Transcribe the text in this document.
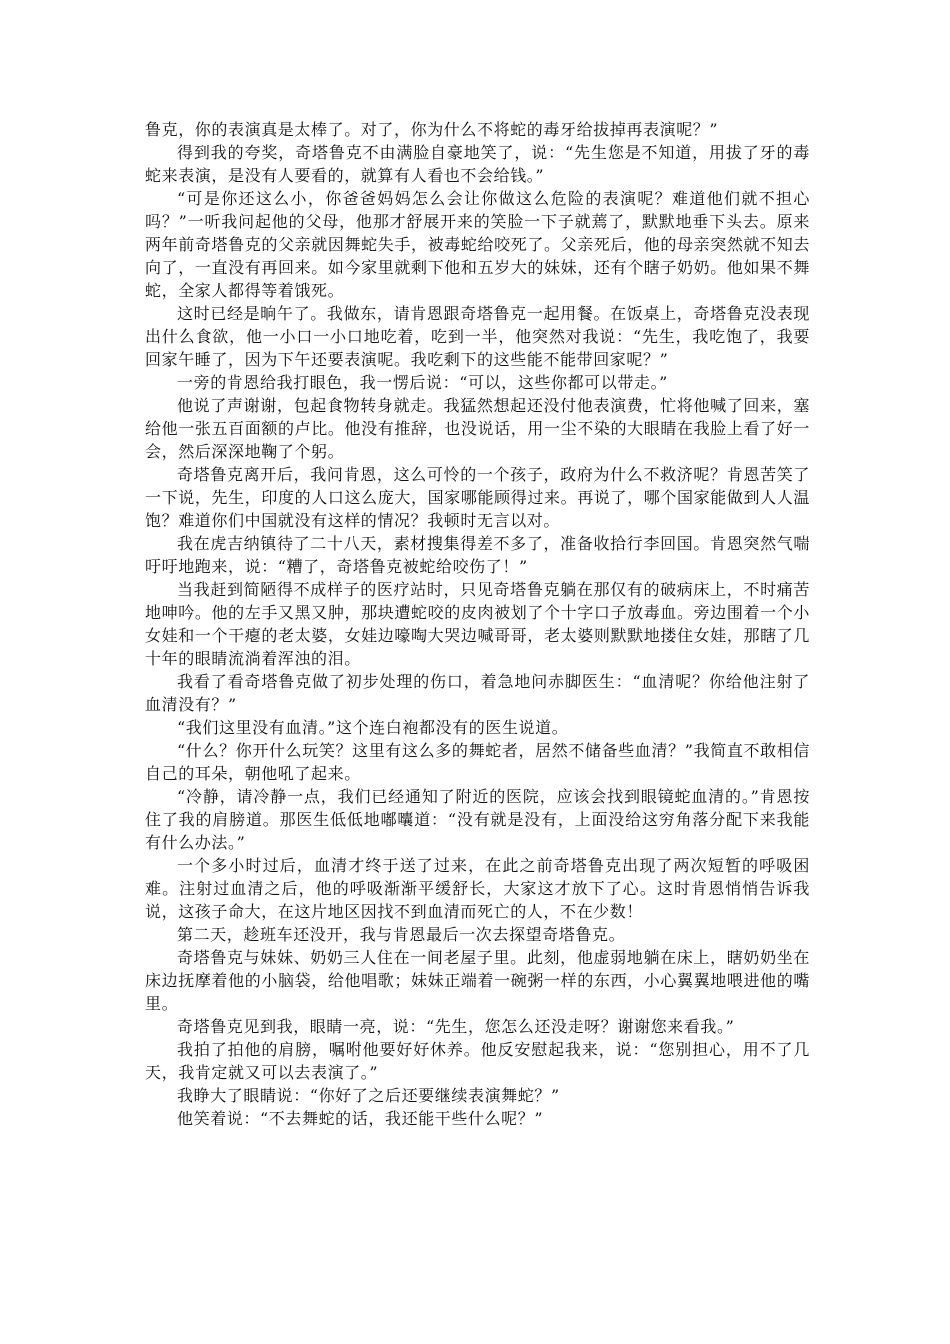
鲁克，你的表演真是太棒了。对了，你为什么不将蛇的毒牙给拔掉再表演呢？”

得到我的夸奖，奇塔鲁克不由满脸自豪地笑了，说：“先生您是不知道，用拔了牙的毒蛇来表演，是没有人要看的，就算有人看也不会给钱。”

“可是你还这么小，你爸爸妈妈怎么会让你做这么危险的表演呢？难道他们就不担心吗？”一听我问起他的父母，他那才舒展开来的笑脸一下子就蔫了，默默地垂下头去。原来两年前奇塔鲁克的父亲就因舞蛇失手，被毒蛇给咬死了。父亲死后，他的母亲突然就不知去向了，一直没有再回来。如今家里就剩下他和五岁大的妹妹，还有个瞎子奶奶。他如果不舞蛇，全家人都得等着饿死。

这时已经是晌午了。我做东，请肯恩跟奇塔鲁克一起用餐。在饭桌上，奇塔鲁克没表现出什么食欲，他一小口一小口地吃着，吃到一半，他突然对我说：“先生，我吃饱了，我要回家午睡了，因为下午还要表演呢。我吃剩下的这些能不能带回家呢？”

一旁的肯恩给我打眼色，我一愣后说：“可以，这些你都可以带走。”

他说了声谢谢，包起食物转身就走。我猛然想起还没付他表演费，忙将他喊了回来，塞给他一张五百面额的卢比。他没有推辞，也没说话，用一尘不染的大眼睛在我脸上看了好一会，然后深深地鞠了个躬。

奇塔鲁克离开后，我问肯恩，这么可怜的一个孩子，政府为什么不救济呢？肯恩苦笑了一下说，先生，印度的人口这么庞大，国家哪能顾得过来。再说了，哪个国家能做到人人温饱？难道你们中国就没有这样的情况？我顿时无言以对。

我在虎吉纳镇待了二十八天，素材搜集得差不多了，准备收拾行李回国。肯恩突然气喘吁吁地跑来，说：“糟了，奇塔鲁克被蛇给咬伤了！”

当我赶到简陋得不成样子的医疗站时，只见奇塔鲁克躺在那仅有的破病床上，不时痛苦地呻吟。他的左手又黑又肿，那块遭蛇咬的皮肉被划了个十字口子放毒血。旁边围着一个小女娃和一个干瘪的老太婆，女娃边嚎啕大哭边喊哥哥，老太婆则默默地搂住女娃，那瞎了几十年的眼睛流淌着浑浊的泪。

我看了看奇塔鲁克做了初步处理的伤口，着急地问赤脚医生：“血清呢？你给他注射了血清没有？”

“我们这里没有血清。”这个连白袍都没有的医生说道。

“什么？你开什么玩笑？这里有这么多的舞蛇者，居然不储备些血清？”我简直不敢相信自己的耳朵，朝他吼了起来。

“冷静，请冷静一点，我们已经通知了附近的医院，应该会找到眼镜蛇血清的。”肯恩按住了我的肩膀道。那医生低低地嘟囔道：“没有就是没有，上面没给这穷角落分配下来我能有什么办法。”

一个多小时过后，血清才终于送了过来，在此之前奇塔鲁克出现了两次短暂的呼吸困难。注射过血清之后，他的呼吸渐渐平缓舒长，大家这才放下了心。这时肯恩悄悄告诉我说，这孩子命大，在这片地区因找不到血清而死亡的人，不在少数！

第二天，趁班车还没开，我与肯恩最后一次去探望奇塔鲁克。

奇塔鲁克与妹妹、奶奶三人住在一间老屋子里。此刻，他虚弱地躺在床上，瞎奶奶坐在床边抚摩着他的小脑袋，给他唱歌；妹妹正端着一碗粥一样的东西，小心翼翼地喂进他的嘴里。

奇塔鲁克见到我，眼睛一亮，说：“先生，您怎么还没走呀？谢谢您来看我。”

我拍了拍他的肩膀，嘱咐他要好好休养。他反安慰起我来，说：“您别担心，用不了几天，我肯定就又可以去表演了。”

我睁大了眼睛说：“你好了之后还要继续表演舞蛇？”

他笑着说：“不去舞蛇的话，我还能干些什么呢？”
